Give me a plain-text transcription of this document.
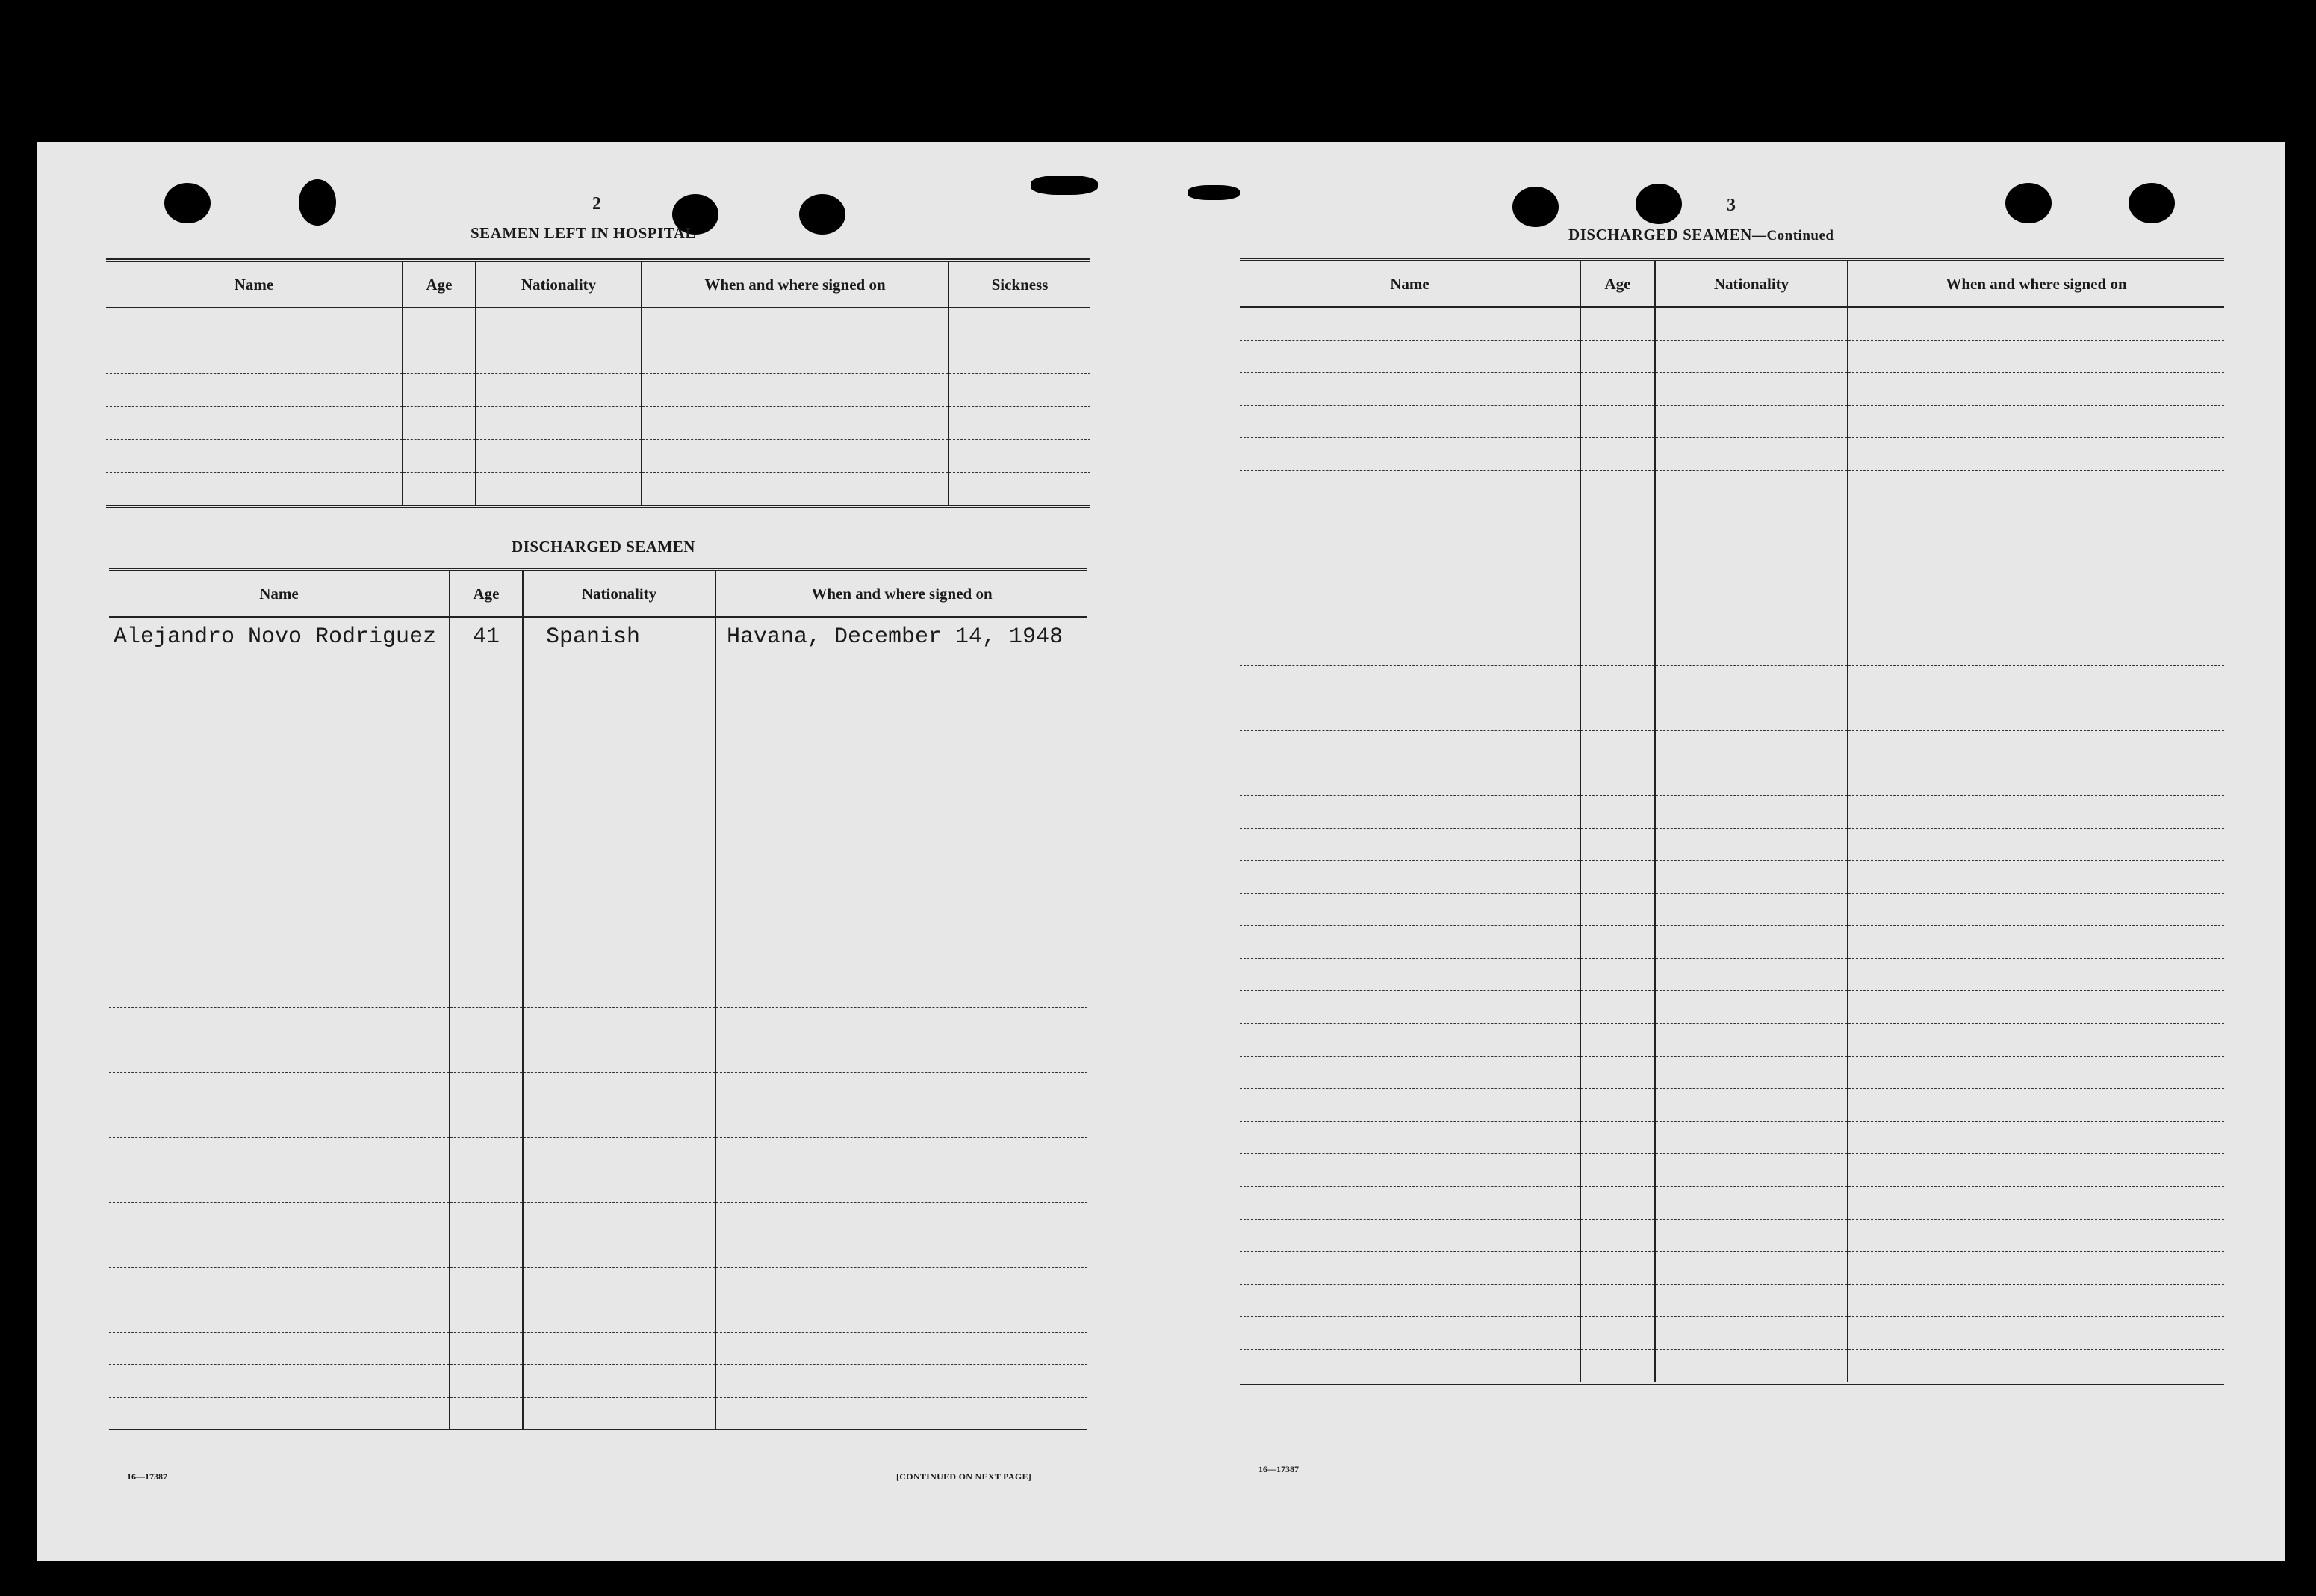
2
SEAMEN LEFT IN HOSPITAL
Name	Age	Nationality	When and where signed on	Sickness

DISCHARGED SEAMEN
Name	Age	Nationality	When and where signed on
Alejandro Novo Rodriguez	41	Spanish	Havana, December 14, 1948

16—17387	[CONTINUED ON NEXT PAGE]
3
DISCHARGED SEAMEN—Continued
Name	Age	Nationality	When and where signed on

16—17387
